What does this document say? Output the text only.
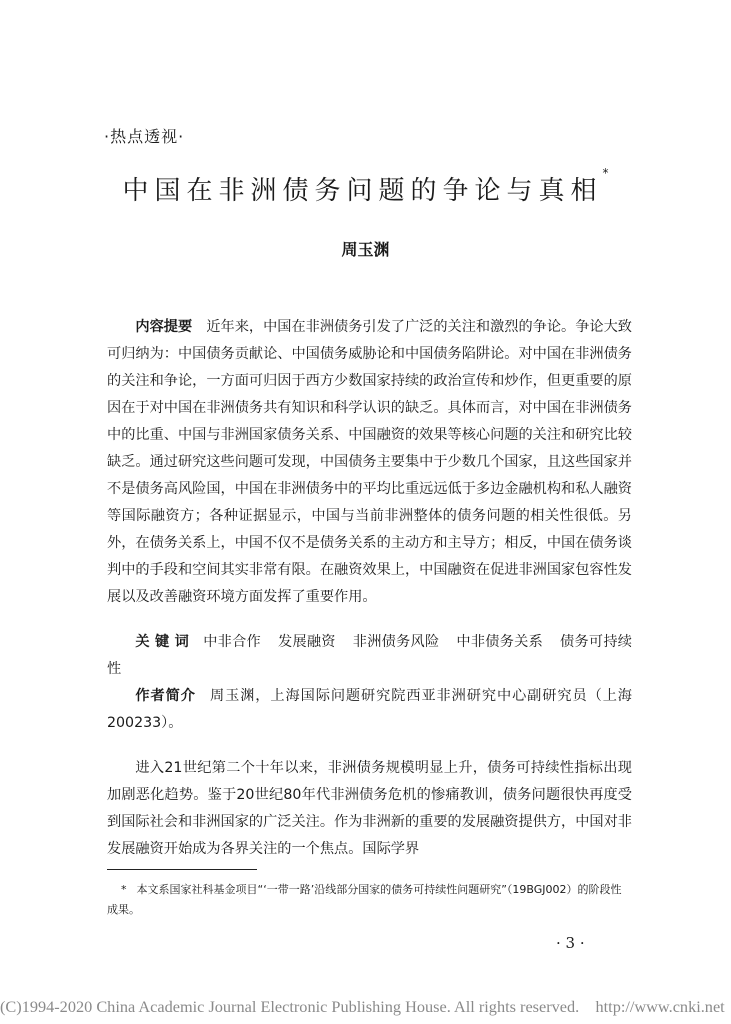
·热点透视·
中国在非洲债务问题的争论与真相*
周玉渊

内容提要 近年来，中国在非洲债务引发了广泛的关注和激烈的争论。争论大致可归纳为：中国债务贡献论、中国债务威胁论和中国债务陷阱论。对中国在非洲债务的关注和争论，一方面可归因于西方少数国家持续的政治宣传和炒作，但更重要的原因在于对中国在非洲债务共有知识和科学认识的缺乏。具体而言，对中国在非洲债务中的比重、中国与非洲国家债务关系、中国融资的效果等核心问题的关注和研究比较缺乏。通过研究这些问题可发现，中国债务主要集中于少数几个国家，且这些国家并不是债务高风险国，中国在非洲债务中的平均比重远远低于多边金融机构和私人融资等国际融资方；各种证据显示，中国与当前非洲整体的债务问题的相关性很低。另外，在债务关系上，中国不仅不是债务关系的主动方和主导方；相反，中国在债务谈判中的手段和空间其实非常有限。在融资效果上，中国融资在促进非洲国家包容性发展以及改善融资环境方面发挥了重要作用。

关 键 词 中非合作 发展融资 非洲债务风险 中非债务关系 债务可持续性

作者简介 周玉渊，上海国际问题研究院西亚非洲研究中心副研究员（上海　200233）。

进入21世纪第二个十年以来，非洲债务规模明显上升，债务可持续性指标出现加剧恶化趋势。鉴于20世纪80年代非洲债务危机的惨痛教训，债务问题很快再度受到国际社会和非洲国家的广泛关注。作为非洲新的重要的发展融资提供方，中国对非发展融资开始成为各界关注的一个焦点。国际学界

* 本文系国家社科基金项目“‘一带一路’沿线部分国家的债务可持续性问题研究”（19BGJ002）的阶段性成果。

· 3 ·
(C)1994-2020 China Academic Journal Electronic Publishing House. All rights reserved.　http://www.cnki.net
